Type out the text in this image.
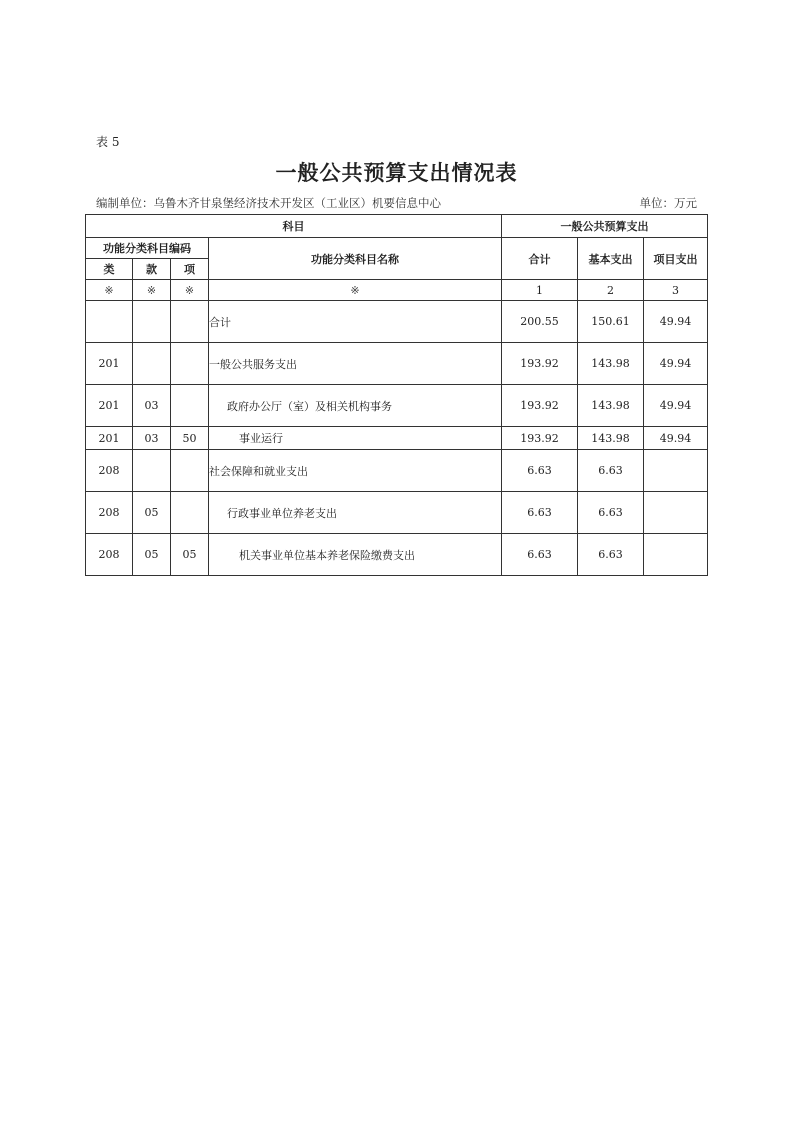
表 5
一般公共预算支出情况表
编制单位：乌鲁木齐甘泉堡经济技术开发区（工业区）机要信息中心	单位：万元
科目				一般公共预算支出		
功能分类科目编码			功能分类科目名称	合计	基本支出	项目支出
类	款	项				
※	※	※	※	1	2	3
			合计	200.55	150.61	49.94
201			一般公共服务支出	193.92	143.98	49.94
201	03		政府办公厅（室）及相关机构事务	193.92	143.98	49.94
201	03	50	事业运行	193.92	143.98	49.94
208			社会保障和就业支出	6.63	6.63	
208	05		行政事业单位养老支出	6.63	6.63	
208	05	05	机关事业单位基本养老保险缴费支出	6.63	6.63	
